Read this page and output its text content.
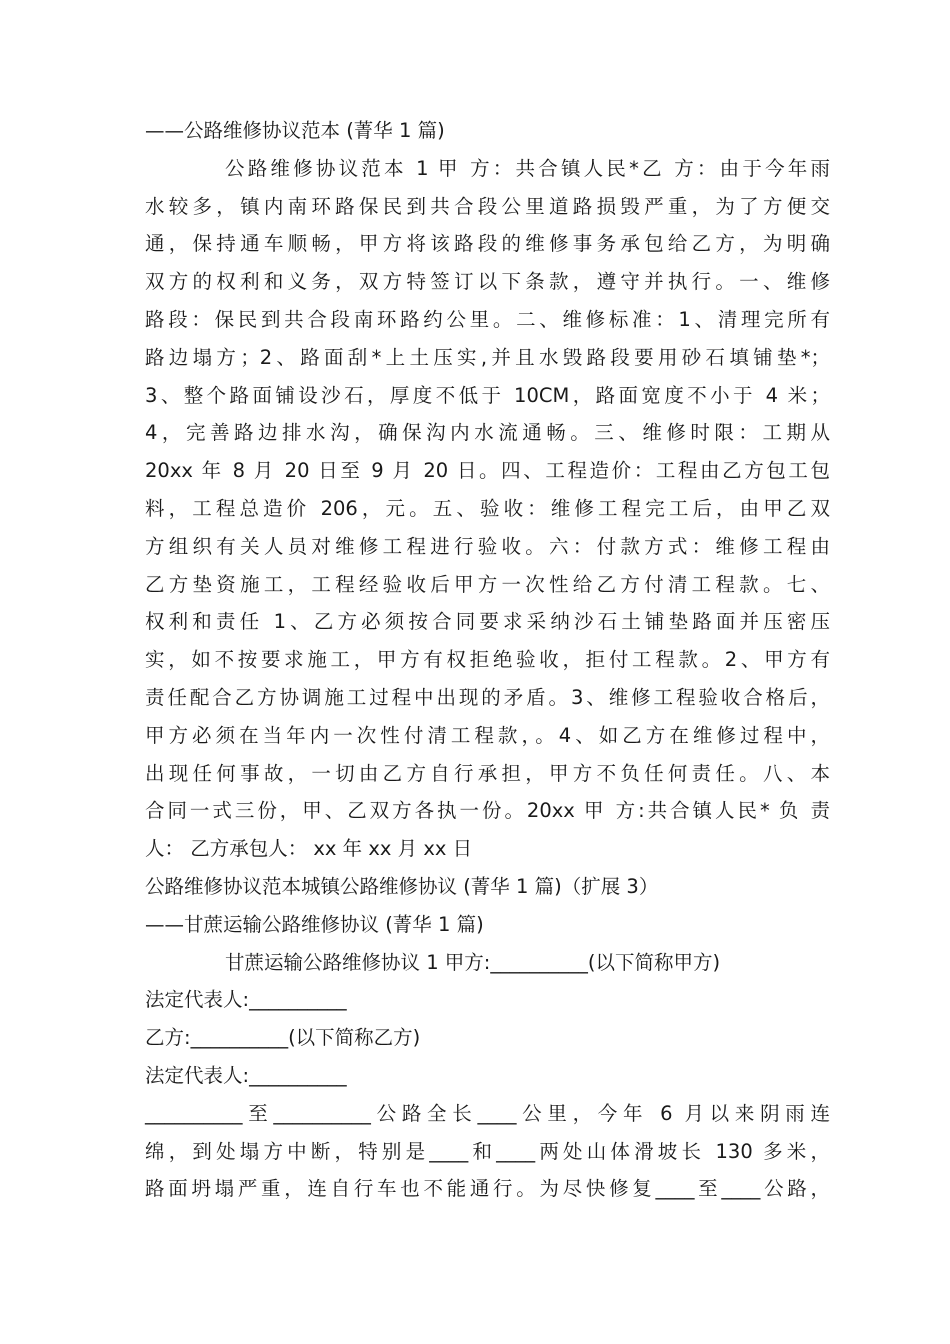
——公路维修协议范本 (菁华 1 篇)
公路维修协议范本 1 甲 方：共合镇人民*乙 方：由于今年雨
水较多，镇内南环路保民到共合段公里道路损毁严重，为了方便交
通，保持通车顺畅，甲方将该路段的维修事务承包给乙方，为明确
双方的权利和义务，双方特签订以下条款，遵守并执行。一、维修
路段：保民到共合段南环路约公里。二、维修标准：1、清理完所有
路边塌方；2、路面刮*上土压实,并且水毁路段要用砂石填铺垫*；
3、整个路面铺设沙石，厚度不低于 10CM，路面宽度不小于 4 米；
4，完善路边排水沟，确保沟内水流通畅。三、维修时限：工期从
20xx 年 8 月 20 日至 9 月 20 日。四、工程造价：工程由乙方包工包
料，工程总造价 206，元。五、验收：维修工程完工后，由甲乙双
方组织有关人员对维修工程进行验收。六：付款方式：维修工程由
乙方垫资施工，工程经验收后甲方一次性给乙方付清工程款。七、
权利和责任 1、乙方必须按合同要求采纳沙石土铺垫路面并压密压
实，如不按要求施工，甲方有权拒绝验收，拒付工程款。2、甲方有
责任配合乙方协调施工过程中出现的矛盾。3、维修工程验收合格后，
甲方必须在当年内一次性付清工程款，。4、如乙方在维修过程中，
出现任何事故，一切由乙方自行承担，甲方不负任何责任。八、本
合同一式三份，甲、乙双方各执一份。20xx 甲 方:共合镇人民* 负 责
人： 乙方承包人： xx 年 xx 月 xx 日
公路维修协议范本城镇公路维修协议 (菁华 1 篇)（扩展 3）
——甘蔗运输公路维修协议 (菁华 1 篇)
甘蔗运输公路维修协议 1 甲方:__________(以下简称甲方)
法定代表人:__________
乙方:__________(以下简称乙方)
法定代表人:__________
__________至__________公路全长____公里，今年 6 月以来阴雨连
绵，到处塌方中断，特别是____和____两处山体滑坡长 130 多米，
路面坍塌严重，连自行车也不能通行。为尽快修复____至____公路，
